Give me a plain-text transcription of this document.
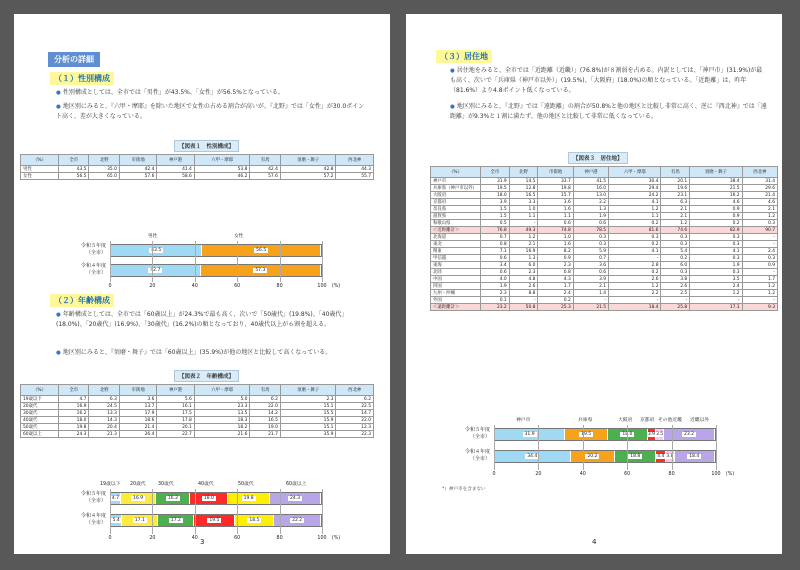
分析の詳細
（１）性別構成
● 性別構成としては、全市では「男性」が43.5%、「女性」が56.5%となっている。
● 地区別にみると、『六甲・摩耶』を除いた地区で女性の占める割合が高いが、『北野』では「女性」が30.0ポイント高く、差が大きくなっている。
【図表１　性別構成】
（%）	全市	北野	市街地	神戸港	六甲・摩耶	有馬	須磨・舞子	西北神
男性	43.5	35.0	42.4	41.4	53.8	42.4	42.8	44.3
女性	56.5	65.0	57.6	58.6	46.2	57.6	57.2	55.7
男性	女性
令和５年度
（全市）	43.5	56.5
令和４年度
（全市）	42.7	57.3
0	20	40	60	80	100 (%)
（２）年齢構成
● 年齢構成としては、全市では「60歳以上」が24.3%で最も高く、次いで「50歳代」(19.8%)、「40歳代」(18.0%)、「20歳代」(16.9%)、「30歳代」(16.2%)の順となっており、40歳代以上が６割を超える。
● 地区別にみると、『須磨・舞子』では「60歳以上」(35.9%)が他の地区と比較して高くなっている。
【図表２　年齢構成】
（%）	全市	北野	市街地	神戸港	六甲・摩耶	有馬	須磨・舞子	西北神
19歳以下	4.7	6.3	3.6	5.6	5.0	6.2	2.3	6.2
20歳代	16.9	24.5	13.7	16.1	23.3	22.0	15.1	22.5
30歳代	16.2	13.3	17.9	17.5	13.5	14.2	15.5	14.7
40歳代	18.0	14.3	18.6	17.8	18.3	16.5	15.9	22.0
50歳代	19.8	20.4	21.4	20.1	18.2	19.0	15.1	12.3
60歳以上	24.3	21.3	26.4	22.7	21.6	21.7	35.9	22.3
19歳以下 20歳代	30歳代	40歳代	50歳代	60歳以上
令和５年度
（全市）	4.7	16.9	16.2	18.0	19.8	24.3
令和４年度
（全市）	5.4	17.1	17.2	19.5	18.5	22.2
0	20	40	60	80	100 (%)
3
（３）居住地
● 居住地をみると、全市では「近距離（近畿）」(76.8%)が８割弱を占める。内訳としては、「神戸市」(31.9%)が最も高く、次いで「兵庫県（神戸市以外）」(19.5%)、「大阪府」(18.0%)の順となっている。「近距離」は、昨年（81.6%）より4.8ポイント低くなっている。
● 地区別にみると、『北野』では「遠距離」の割合が50.8%と他の地区と比較し非常に高く、逆に『西北神』では「遠距離」が9.3%と１割に満たず、他の地区と比較して非常に低くなっている。
【図表３　居住地】
（%）	全市	北野	市街地	神戸港	六甲・摩耶	有馬	須磨・舞子	西北神
神戸市	31.9	14.5	33.7	41.5	30.4	20.1	38.4	31.4
兵庫県（神戸市以外）	19.5	12.8	19.8	16.0	29.4	19.6	21.5	29.6
大阪府	18.0	16.5	15.7	13.0	24.2	23.1	16.2	21.4
京都府	3.9	3.3	3.6	2.2	4.1	6.3	4.6	4.6
奈良県	1.5	1.0	1.6	1.3	1.2	2.1	0.9	2.1
滋賀県	1.5	1.1	1.1	1.9	1.1	2.1	0.9	1.2
和歌山県	0.5	-	0.6	0.6	0.2	1.2	0.2	0.3
＜近距離計＞	76.8	49.3	74.8	78.5	81.6	74.6	82.9	90.7
北海道	0.7	1.2	1.0	0.3	0.3	0.3	0.3	-
東北	0.8	2.1	1.6	0.3	0.2	0.3	0.3	-
関東	7.1	16.9	8.2	5.9	4.1	5.4	4.1	2.4
甲信越	0.6	1.3	0.9	0.7	-	0.2	0.3	0.3
東海	3.4	6.0	2.3	3.6	2.8	6.0	1.9	0.9
北陸	0.6	2.3	0.8	0.6	0.2	0.3	0.3	-
中国	4.0	4.8	4.3	3.9	2.6	3.8	3.5	1.7
四国	1.9	2.6	1.7	2.1	1.2	2.6	2.4	1.2
九州・沖縄	2.3	8.8	2.4	1.4	2.2	2.5	1.2	1.2
外国	0.1	-	0.2	-	-	-	-	-
＜遠距離計＞	23.2	50.8	25.3	21.5	18.4	25.8	17.1	9.3
神戸市	兵庫県	大阪府 京都府 その他近畿 近畿以外
令和５年度
（全市）	31.9	19.5	18.0	3.9 3.5	23.2
令和４年度
（全市）	34.4	20.2	18.8	4.4 3.8	18.4
0	20	40	60	80	100 (%)
*）神戸市を含まない
4
